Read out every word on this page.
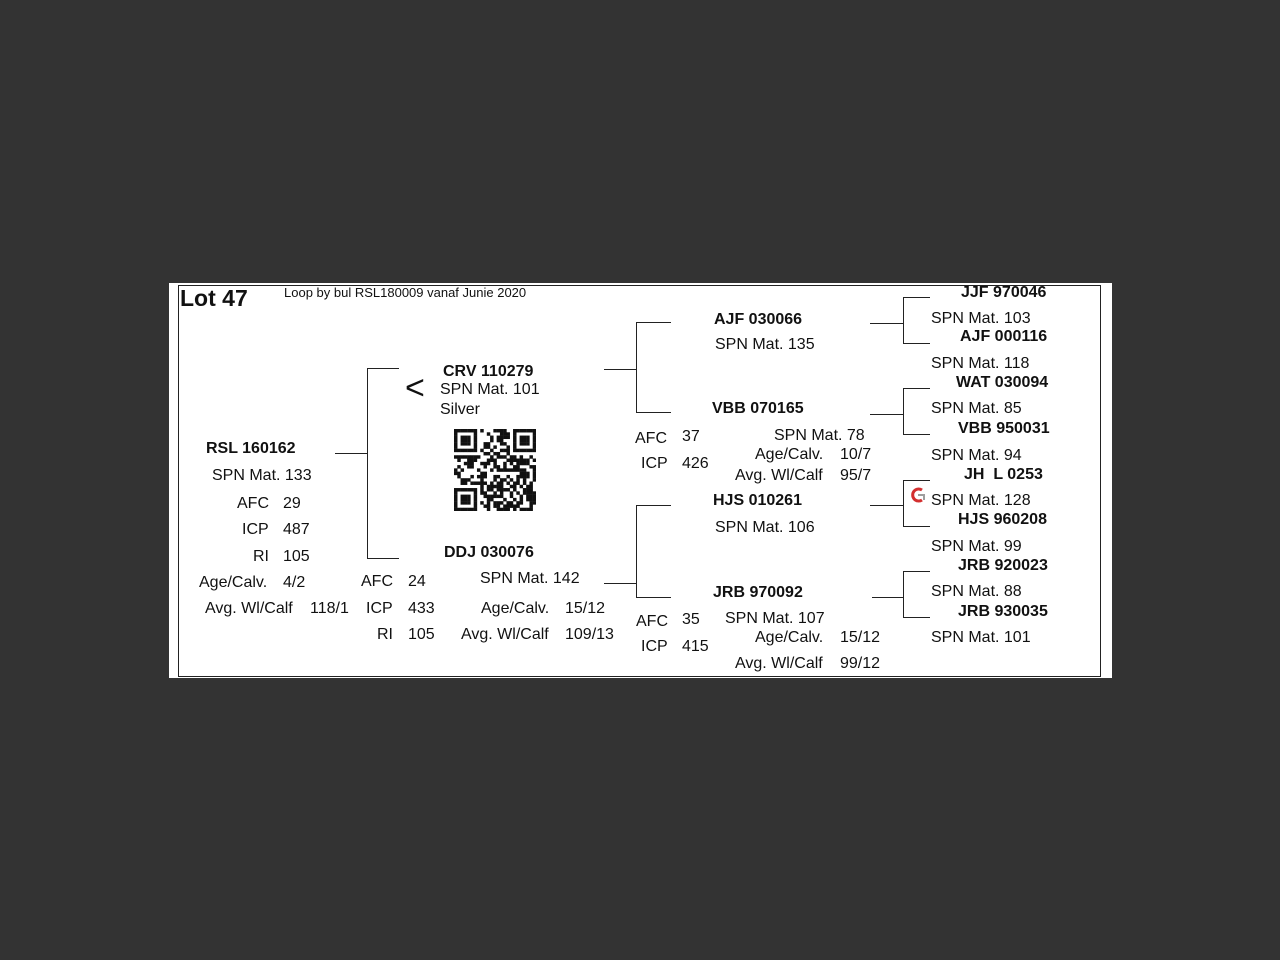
Lot 47	Loop by bul RSL180009 vanaf Junie 2020
RSL 160162
SPN Mat. 133
AFC 29
ICP 487
RI 105
Age/Calv. 4/2
Avg. Wl/Calf 118/1
< CRV 110279
SPN Mat. 101
Silver
DDJ 030076
SPN Mat. 142
AFC 24
ICP 433
RI 105
Age/Calv. 15/12
Avg. Wl/Calf 109/13
AJF 030066
SPN Mat. 135
VBB 070165
SPN Mat. 78
AFC 37
ICP 426
Age/Calv. 10/7
Avg. Wl/Calf 95/7
HJS 010261
SPN Mat. 106
JRB 970092
SPN Mat. 107
AFC 35
ICP 415
Age/Calv. 15/12
Avg. Wl/Calf 99/12
JJF 970046
SPN Mat. 103
AJF 000116
SPN Mat. 118
WAT 030094
SPN Mat. 85
VBB 950031
SPN Mat. 94
JH  L 0253
SPN Mat. 128
HJS 960208
SPN Mat. 99
JRB 920023
SPN Mat. 88
JRB 930035
SPN Mat. 101
